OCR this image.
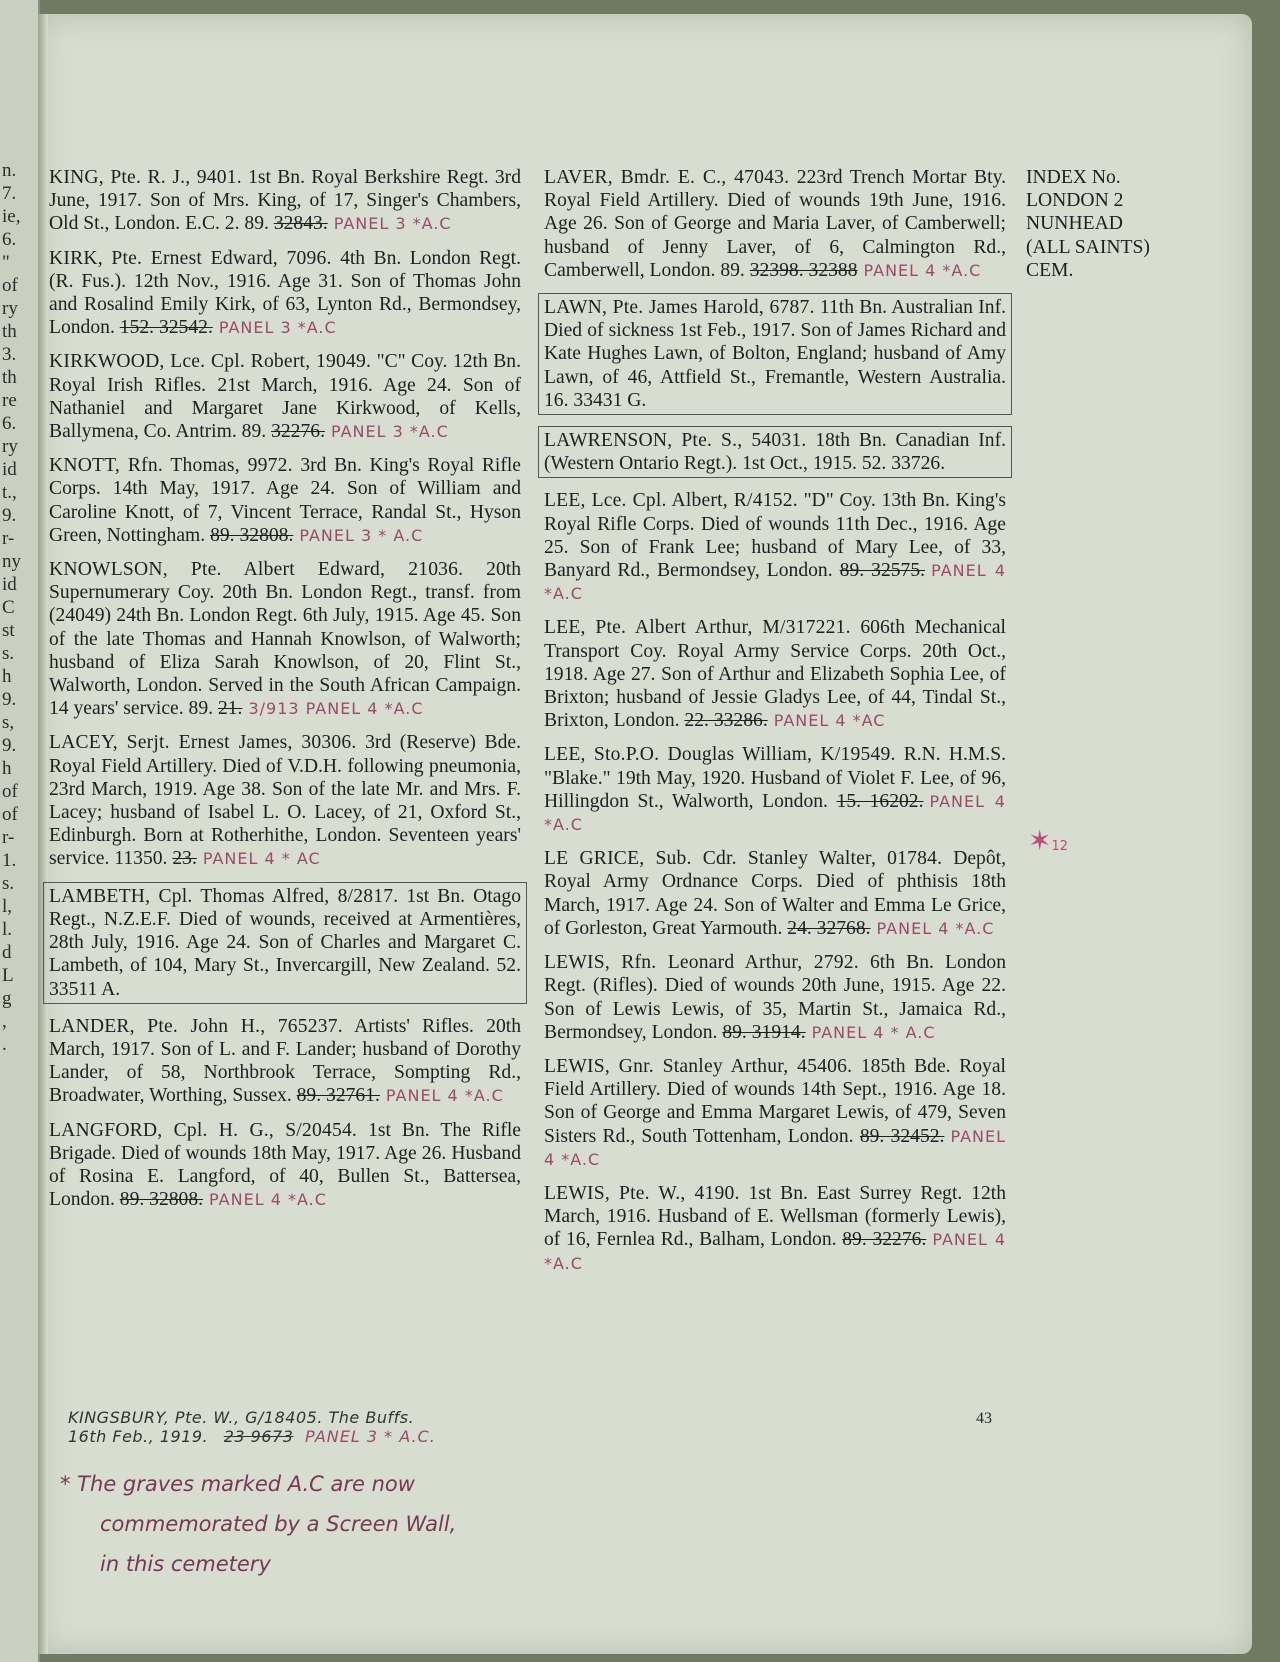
n.
7.
ie,
6.
"
of
ry
th
3.
th
re
6.
ry
id
t.,
9.
r-
ny
id
C
st
s.
h
9.
s,
9.
h
of
of
r-
1.
s.
l,
l.
d
L
g
,
.
KING, Pte. R. J., 9401. 1st Bn. Royal Berkshire Regt. 3rd June, 1917. Son of Mrs. King, of 17, Singer's Chambers, Old St., London. E.C. 2. 89. 32843. PANEL 3 *A.C
KIRK, Pte. Ernest Edward, 7096. 4th Bn. London Regt. (R. Fus.). 12th Nov., 1916. Age 31. Son of Thomas John and Rosalind Emily Kirk, of 63, Lynton Rd., Bermondsey, London. 152. 32542. PANEL 3 *A.C
KIRKWOOD, Lce. Cpl. Robert, 19049. "C" Coy. 12th Bn. Royal Irish Rifles. 21st March, 1916. Age 24. Son of Nathaniel and Margaret Jane Kirkwood, of Kells, Ballymena, Co. Antrim. 89. 32276. PANEL 3 *A.C
KNOTT, Rfn. Thomas, 9972. 3rd Bn. King's Royal Rifle Corps. 14th May, 1917. Age 24. Son of William and Caroline Knott, of 7, Vincent Terrace, Randal St., Hyson Green, Nottingham. 89. 32808. PANEL 3 * A.C
KNOWLSON, Pte. Albert Edward, 21036. 20th Supernumerary Coy. 20th Bn. London Regt., transf. from (24049) 24th Bn. London Regt. 6th July, 1915. Age 45. Son of the late Thomas and Hannah Knowlson, of Walworth; husband of Eliza Sarah Knowlson, of 20, Flint St., Walworth, London. Served in the South African Campaign. 14 years' service. 89. 21. 3/913 PANEL 4 *A.C
LACEY, Serjt. Ernest James, 30306. 3rd (Reserve) Bde. Royal Field Artillery. Died of V.D.H. following pneumonia, 23rd March, 1919. Age 38. Son of the late Mr. and Mrs. F. Lacey; husband of Isabel L. O. Lacey, of 21, Oxford St., Edinburgh. Born at Rotherhithe, London. Seventeen years' service. 11350. 23. PANEL 4 * AC
LAMBETH, Cpl. Thomas Alfred, 8/2817. 1st Bn. Otago Regt., N.Z.E.F. Died of wounds, received at Armentières, 28th July, 1916. Age 24. Son of Charles and Margaret C. Lambeth, of 104, Mary St., Invercargill, New Zealand. 52. 33511 A.
LANDER, Pte. John H., 765237. Artists' Rifles. 20th March, 1917. Son of L. and F. Lander; husband of Dorothy Lander, of 58, Northbrook Terrace, Sompting Rd., Broadwater, Worthing, Sussex. 89. 32761. PANEL 4 *A.C
LANGFORD, Cpl. H. G., S/20454. 1st Bn. The Rifle Brigade. Died of wounds 18th May, 1917. Age 26. Husband of Rosina E. Langford, of 40, Bullen St., Battersea, London. 89. 32808. PANEL 4 *A.C
LAVER, Bmdr. E. C., 47043. 223rd Trench Mortar Bty. Royal Field Artillery. Died of wounds 19th June, 1916. Age 26. Son of George and Maria Laver, of Camberwell; husband of Jenny Laver, of 6, Calmington Rd., Camberwell, London. 89. 32398. 32388 PANEL 4 *A.C
LAWN, Pte. James Harold, 6787. 11th Bn. Australian Inf. Died of sickness 1st Feb., 1917. Son of James Richard and Kate Hughes Lawn, of Bolton, England; husband of Amy Lawn, of 46, Attfield St., Fremantle, Western Australia. 16. 33431 G.
LAWRENSON, Pte. S., 54031. 18th Bn. Canadian Inf. (Western Ontario Regt.). 1st Oct., 1915. 52. 33726.
LEE, Lce. Cpl. Albert, R/4152. "D" Coy. 13th Bn. King's Royal Rifle Corps. Died of wounds 11th Dec., 1916. Age 25. Son of Frank Lee; husband of Mary Lee, of 33, Banyard Rd., Bermondsey, London. 89. 32575. PANEL 4 *A.C
LEE, Pte. Albert Arthur, M/317221. 606th Mechanical Transport Coy. Royal Army Service Corps. 20th Oct., 1918. Age 27. Son of Arthur and Elizabeth Sophia Lee, of Brixton; husband of Jessie Gladys Lee, of 44, Tindal St., Brixton, London. 22. 33286. PANEL 4 *AC
LEE, Sto.P.O. Douglas William, K/19549. R.N. H.M.S. "Blake." 19th May, 1920. Husband of Violet F. Lee, of 96, Hillingdon St., Walworth, London. 15. 16202. PANEL 4 *A.C
LE GRICE, Sub. Cdr. Stanley Walter, 01784. Depôt, Royal Army Ordnance Corps. Died of phthisis 18th March, 1917. Age 24. Son of Walter and Emma Le Grice, of Gorleston, Great Yarmouth. 24. 32768. PANEL 4 *A.C
LEWIS, Rfn. Leonard Arthur, 2792. 6th Bn. London Regt. (Rifles). Died of wounds 20th June, 1915. Age 22. Son of Lewis Lewis, of 35, Martin St., Jamaica Rd., Bermondsey, London. 89. 31914. PANEL 4 * A.C
LEWIS, Gnr. Stanley Arthur, 45406. 185th Bde. Royal Field Artillery. Died of wounds 14th Sept., 1916. Age 18. Son of George and Emma Margaret Lewis, of 479, Seven Sisters Rd., South Tottenham, London. 89. 32452. PANEL 4 *A.C
LEWIS, Pte. W., 4190. 1st Bn. East Surrey Regt. 12th March, 1916. Husband of E. Wellsman (formerly Lewis), of 16, Fernlea Rd., Balham, London. 89. 32276. PANEL 4 *A.C
INDEX No.
LONDON 2
NUNHEAD
(ALL SAINTS)
CEM.
✶12
KINGSBURY, Pte. W., G/18405. The Buffs.
16th Feb., 1919. 23 9673 PANEL 3 * A.C.
* The graves marked A.C are now
commemorated by a Screen Wall,
in this cemetery
43
